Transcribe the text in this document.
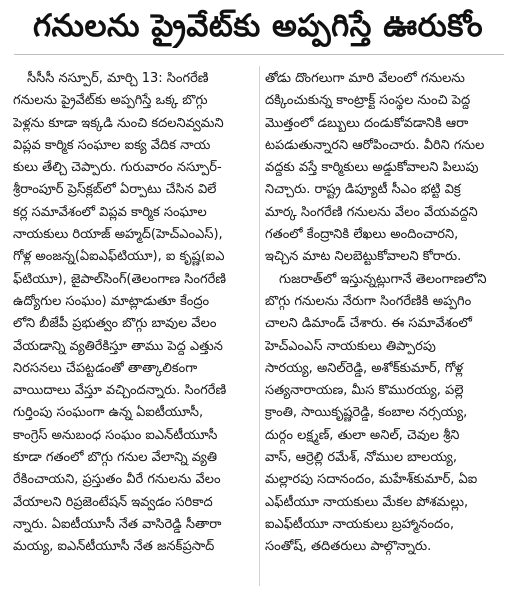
గనులను ప్రైవేట్‌కు అప్పగిస్తే ఊరుకోం
సీసీసీ నస్పూర్, మార్చి 13: సింగరేణి
గనులను ప్రైవేట్‌కు అప్పగిస్తే ఒక్క బొగ్గు
పెళ్లను కూడా ఇక్కడి నుంచి కదలనివ్వమని
విప్లవ కార్మిక సంఘాల ఐక్య వేదిక నాయ
కులు తేల్చి చెప్పారు. గురువారం నస్పూర్-
శ్రీరాంపూర్ ప్రెస్‌క్లబ్‌లో ఏర్పాటు చేసిన విలే
కర్ల సమావేశంలో విప్లవ కార్మిక సంఘాల
నాయకులు రియాజ్ అహ్మద్(హెచ్ఎంఎస్),
గోళ్ల అంజన్న(ఏఐఎఫ్‌టియూ), ఐ కృష్ణ(ఐఎ
ఫ్‌టియూ), జైపాల్‌సింగ్(తెలంగాణ సింగరేణి
ఉద్యోగుల సంఘం) మాట్లాడుతూ కేంద్రం
లోని బీజేపీ ప్రభుత్వం బొగ్గు బావుల వేలం
వేయడాన్ని వ్యతిరేకిస్తూ తాము పెద్ద ఎత్తున
నిరసనలు చేపట్టడంతో తాత్కాలికంగా
వాయిదాలు వేస్తూ వచ్చిందన్నారు. సింగరేణి
గుర్తింపు సంఘంగా ఉన్న ఏఐటీయూసీ,
కాంగ్రెస్ అనుబంధ సంఘం ఐఎన్‌టీయూసీ
కూడా గతంలో బొగ్గు గనుల వేలాన్ని వ్యతి
రేకించాయని, ప్రస్తుతం వీరే గనులను వేలం
వేయాలని రిప్రజెంటేషన్ ఇవ్వడం సరికాద
న్నారు. ఏఐటీయూసీ నేత వాసిరెడ్డి సీతారా
మయ్య, ఐఎన్‌టీయూసీ నేత జనక్‌ప్రసాద్
తోడు దొంగలుగా మారి వేలంలో గనులను
దక్కించుకున్న కాంట్రాక్ట్ సంస్థల నుంచి పెద్ద
మొత్తంలో డబ్బులు దండుకోవడానికి ఆరా
టపడుతున్నారని ఆరోపించారు. వీరిని గనుల
వద్దకు వస్తే కార్మికులు అడ్డుకోవాలని పిలుపు
నిచ్చారు. రాష్ట్ర డిప్యూటీ సీఎం భట్టి విక్ర
మార్క సింగరేణి గనులను వేలం వేయవద్దని
గతంలో కేంద్రానికి లేఖలు అందించారని,
ఇచ్చిన మాట నిలబెట్టుకోవాలని కోరారు.
గుజరాత్‌లో ఇస్తున్నట్లుగానే తెలంగాణలోని
బొగ్గు గనులను నేరుగా సింగరేణికి అప్పగిం
చాలని డిమాండ్ చేశారు. ఈ సమావేశంలో
హెచ్ఎంఎస్ నాయకులు తిప్పారపు
సారయ్య, అనిల్‌రెడ్డి, అశోక్‌కుమార్, గోళ్ల
సత్యనారాయణ, మీస కొమురయ్య, పల్లె
క్రాంతి, సాయికృష్ణరెడ్డి, కంబాల నర్సయ్య,
దుర్గం లక్ష్మణ్, తులా అనిల్, చెవుల శ్రీని
వాస్, ఆర్రెల్లి రమేశ్, నోముల బాలయ్య,
మల్లారపు సదానందం, మహేశ్‌కుమార్, ఏఐ
ఎఫ్‌టీయూ నాయకులు మేకల పోశమల్లు,
ఐఎఫ్‌టీయూ నాయకులు బ్రహ్మానందం,
సంతోష్, తదితరులు పాల్గొన్నారు.
